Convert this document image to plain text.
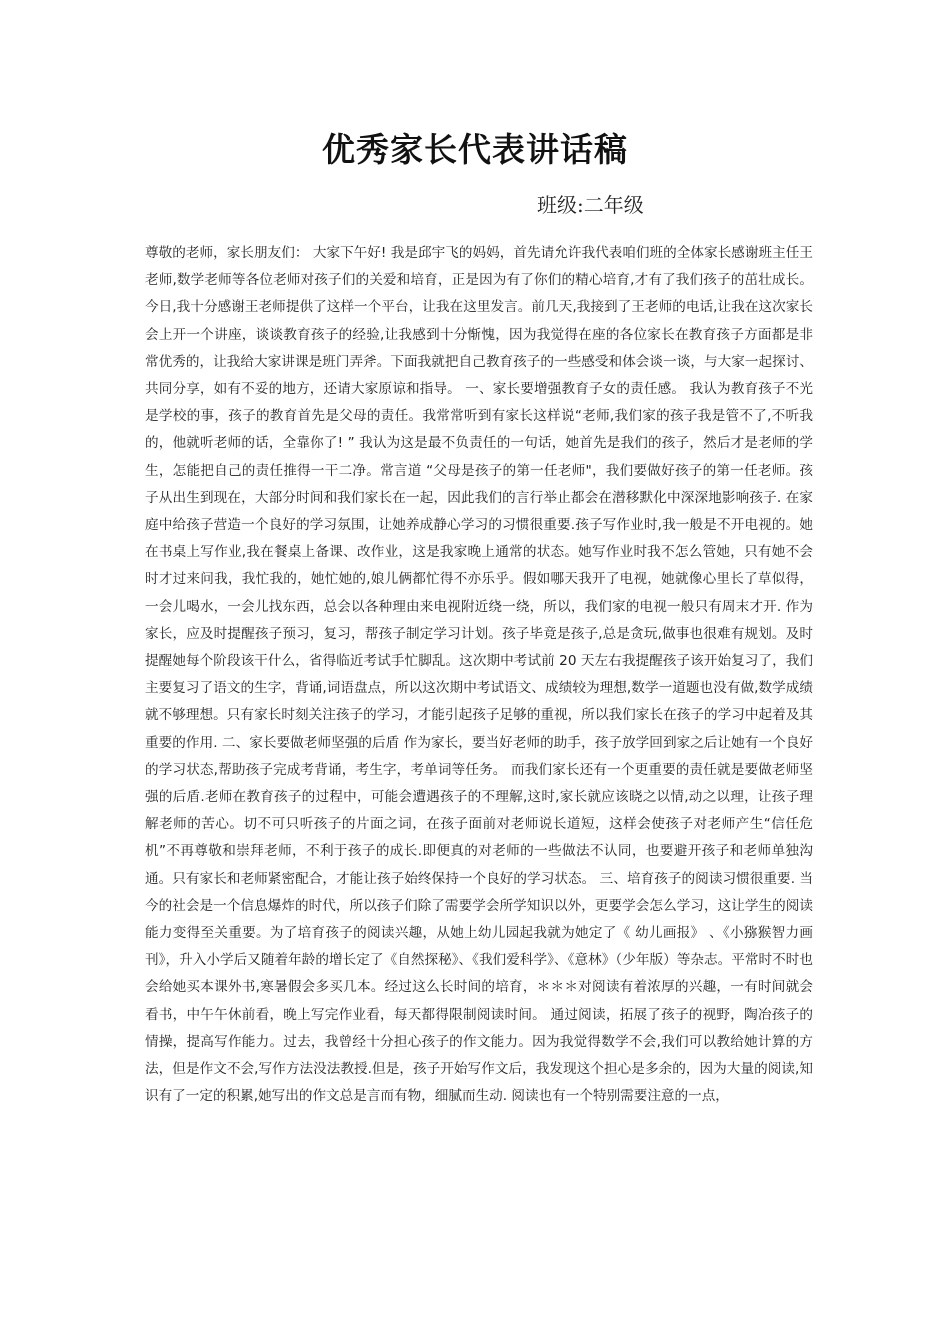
优秀家长代表讲话稿
班级:二年级

尊敬的老师，家长朋友们： 大家下午好! 我是邱宇飞的妈妈，首先请允许我代表咱们班的全体家长感谢班主任王老师,数学老师等各位老师对孩子们的关爱和培育，正是因为有了你们的精心培育,才有了我们孩子的茁壮成长。 今日,我十分感谢王老师提供了这样一个平台，让我在这里发言。前几天,我接到了王老师的电话,让我在这次家长会上开一个讲座，谈谈教育孩子的经验,让我感到十分惭愧，因为我觉得在座的各位家长在教育孩子方面都是非常优秀的，让我给大家讲课是班门弄斧。下面我就把自己教育孩子的一些感受和体会谈一谈，与大家一起探讨、共同分享，如有不妥的地方，还请大家原谅和指导。 一、家长要增强教育子女的责任感。 我认为教育孩子不光是学校的事，孩子的教育首先是父母的责任。我常常听到有家长这样说“老师,我们家的孩子我是管不了,不听我的，他就听老师的话，全靠你了! ” 我认为这是最不负责任的一句话，她首先是我们的孩子，然后才是老师的学生，怎能把自己的责任推得一干二净。常言道 “父母是孩子的第一任老师"，我们要做好孩子的第一任老师。孩子从出生到现在，大部分时间和我们家长在一起，因此我们的言行举止都会在潜移默化中深深地影响孩子. 在家庭中给孩子营造一个良好的学习氛围，让她养成静心学习的习惯很重要.孩子写作业时,我一般是不开电视的。她在书桌上写作业,我在餐桌上备课、改作业，这是我家晚上通常的状态。她写作业时我不怎么管她，只有她不会时才过来问我，我忙我的，她忙她的,娘儿俩都忙得不亦乐乎。假如哪天我开了电视，她就像心里长了草似得，一会儿喝水，一会儿找东西，总会以各种理由来电视附近绕一绕，所以，我们家的电视一般只有周末才开. 作为家长，应及时提醒孩子预习，复习，帮孩子制定学习计划。孩子毕竟是孩子,总是贪玩,做事也很难有规划。及时提醒她每个阶段该干什么，省得临近考试手忙脚乱。这次期中考试前 20 天左右我提醒孩子该开始复习了，我们主要复习了语文的生字，背诵,词语盘点，所以这次期中考试语文、成绩较为理想,数学一道题也没有做,数学成绩就不够理想。只有家长时刻关注孩子的学习，才能引起孩子足够的重视，所以我们家长在孩子的学习中起着及其重要的作用. 二、家长要做老师坚强的后盾 作为家长，要当好老师的助手，孩子放学回到家之后让她有一个良好的学习状态,帮助孩子完成考背诵，考生字，考单词等任务。 而我们家长还有一个更重要的责任就是要做老师坚强的后盾.老师在教育孩子的过程中，可能会遭遇孩子的不理解,这时,家长就应该晓之以情,动之以理，让孩子理解老师的苦心。切不可只听孩子的片面之词，在孩子面前对老师说长道短，这样会使孩子对老师产生“信任危机”不再尊敬和崇拜老师，不利于孩子的成长.即便真的对老师的一些做法不认同，也要避开孩子和老师单独沟通。只有家长和老师紧密配合，才能让孩子始终保持一个良好的学习状态。 三、培育孩子的阅读习惯很重要. 当今的社会是一个信息爆炸的时代，所以孩子们除了需要学会所学知识以外，更要学会怎么学习，这让学生的阅读能力变得至关重要。为了培育孩子的阅读兴趣，从她上幼儿园起我就为她定了《 幼儿画报》 、《小猕猴智力画刊》，升入小学后又随着年龄的增长定了《自然探秘》、《我们爱科学》、《意林》（少年版）等杂志。平常时不时也会给她买本课外书,寒暑假会多买几本。经过这么长时间的培育，＊＊＊对阅读有着浓厚的兴趣，一有时间就会看书，中午午休前看，晚上写完作业看，每天都得限制阅读时间。 通过阅读，拓展了孩子的视野，陶冶孩子的情操，提高写作能力。过去，我曾经十分担心孩子的作文能力。因为我觉得数学不会,我们可以教给她计算的方法，但是作文不会,写作方法没法教授.但是，孩子开始写作文后，我发现这个担心是多余的，因为大量的阅读,知识有了一定的积累,她写出的作文总是言而有物，细腻而生动. 阅读也有一个特别需要注意的一点，
